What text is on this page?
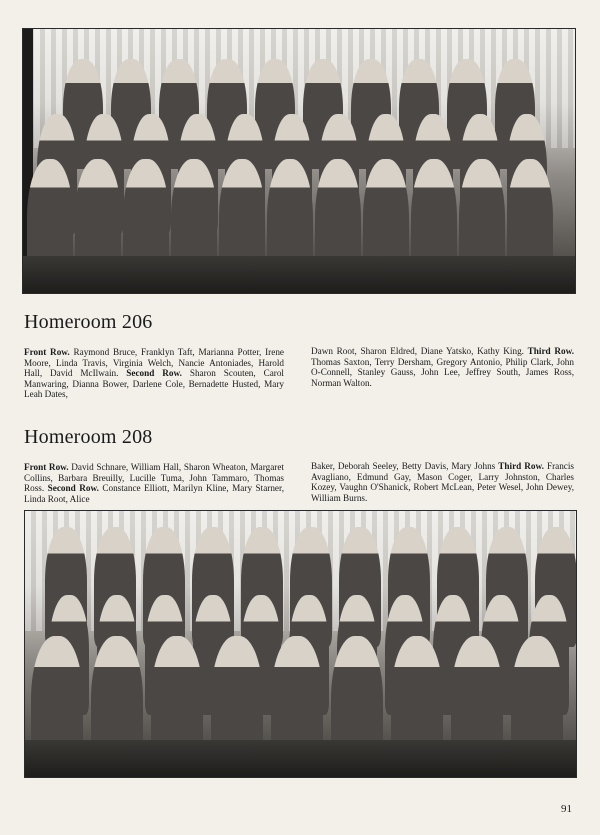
Homeroom 206
Front Row. Raymond Bruce, Franklyn Taft, Marianna Potter, Irene Moore, Linda Travis, Virginia Welch, Nancie Antoniades, Harold Hall, David McIlwain. Second Row. Sharon Scouten, Carol Manwaring, Dianna Bower, Darlene Cole, Bernadette Husted, Mary Leah Dates,
Dawn Root, Sharon Eldred, Diane Yatsko, Kathy King. Third Row. Thomas Saxton, Terry Dersham, Gregory Antonio, Philip Clark, John O-Connell, Stanley Gauss, John Lee, Jeffrey South, James Ross, Norman Walton.
Homeroom 208
Front Row. David Schnare, William Hall, Sharon Wheaton, Margaret Collins, Barbara Breuilly, Lucille Tuma, John Tammaro, Thomas Ross. Second Row. Constance Elliott, Marilyn Kline, Mary Starner, Linda Root, Alice
Baker, Deborah Seeley, Betty Davis, Mary Johns Third Row. Francis Avagliano, Edmund Gay, Mason Coger, Larry Johnston, Charles Kozey, Vaughn O'Shanick, Robert McLean, Peter Wesel, John Dewey, William Burns.
91
